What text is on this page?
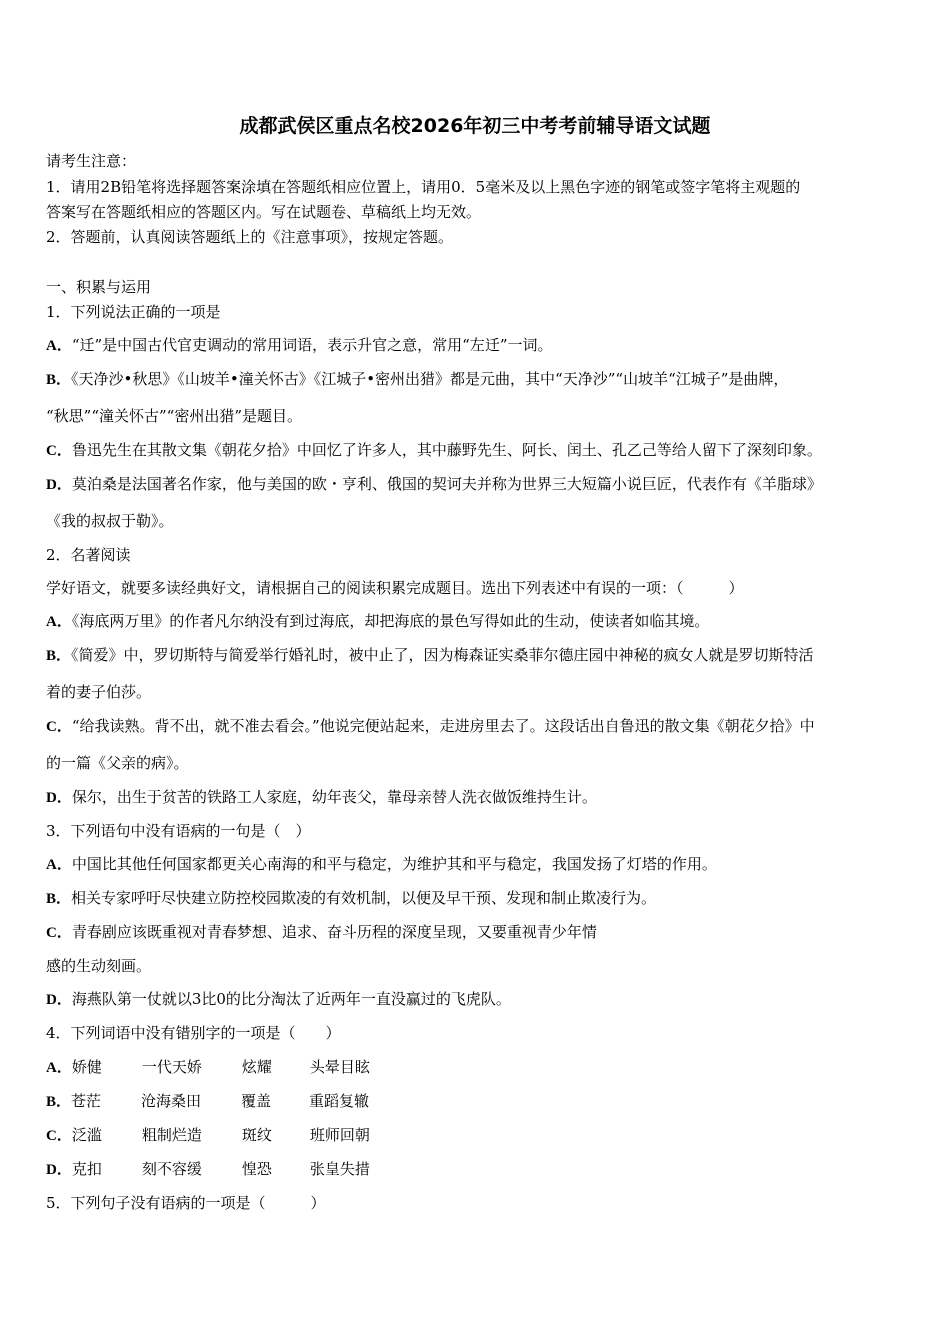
成都武侯区重点名校2026年初三中考考前辅导语文试题
请考生注意：
1．请用2B铅笔将选择题答案涂填在答题纸相应位置上，请用0．5毫米及以上黑色字迹的钢笔或签字笔将主观题的
答案写在答题纸相应的答题区内。写在试题卷、草稿纸上均无效。
2．答题前，认真阅读答题纸上的《注意事项》，按规定答题。
一、积累与运用
1．下列说法正确的一项是
A．“迁”是中国古代官吏调动的常用词语，表示升官之意，常用“左迁”一词。
B．《天净沙•秋思》《山坡羊•潼关怀古》《江城子•密州出猎》都是元曲，其中“天净沙”“山坡羊“江城子”是曲牌，
“秋思”“潼关怀古”“密州出猎”是题目。
C．鲁迅先生在其散文集《朝花夕拾》中回忆了许多人，其中藤野先生、阿长、闰土、孔乙己等给人留下了深刻印象。
D．莫泊桑是法国著名作家，他与美国的欧・亨利、俄国的契诃夫并称为世界三大短篇小说巨匠，代表作有《羊脂球》
《我的叔叔于勒》。
2．名著阅读
学好语文，就要多读经典好文，请根据自己的阅读积累完成题目。选出下列表述中有误的一项：（　　　）
A．《海底两万里》的作者凡尔纳没有到过海底，却把海底的景色写得如此的生动，使读者如临其境。
B．《简爱》中，罗切斯特与简爱举行婚礼时，被中止了，因为梅森证实桑菲尔德庄园中神秘的疯女人就是罗切斯特活
着的妻子伯莎。
C．“给我读熟。背不出，就不准去看会。”他说完便站起来，走进房里去了。这段话出自鲁迅的散文集《朝花夕拾》中
的一篇《父亲的病》。
D．保尔，出生于贫苦的铁路工人家庭，幼年丧父，靠母亲替人洗衣做饭维持生计。
3．下列语句中没有语病的一句是（　）
A．中国比其他任何国家都更关心南海的和平与稳定，为维护其和平与稳定，我国发扬了灯塔的作用。
B．相关专家呼吁尽快建立防控校园欺凌的有效机制，以便及早干预、发现和制止欺凌行为。
C．青春剧应该既重视对青春梦想、追求、奋斗历程的深度呈现，又要重视青少年情
感的生动刻画。
D．海燕队第一仗就以3比0的比分淘汰了近两年一直没赢过的飞虎队。
4．下列词语中没有错别字的一项是（　　）
A．娇健	一代天娇	炫耀	头晕目眩
B．苍茫	沧海桑田	覆盖	重蹈复辙
C．泛滥	粗制烂造	斑纹	班师回朝
D．克扣	刻不容缓	惶恐	张皇失措
5．下列句子没有语病的一项是（　　　）
